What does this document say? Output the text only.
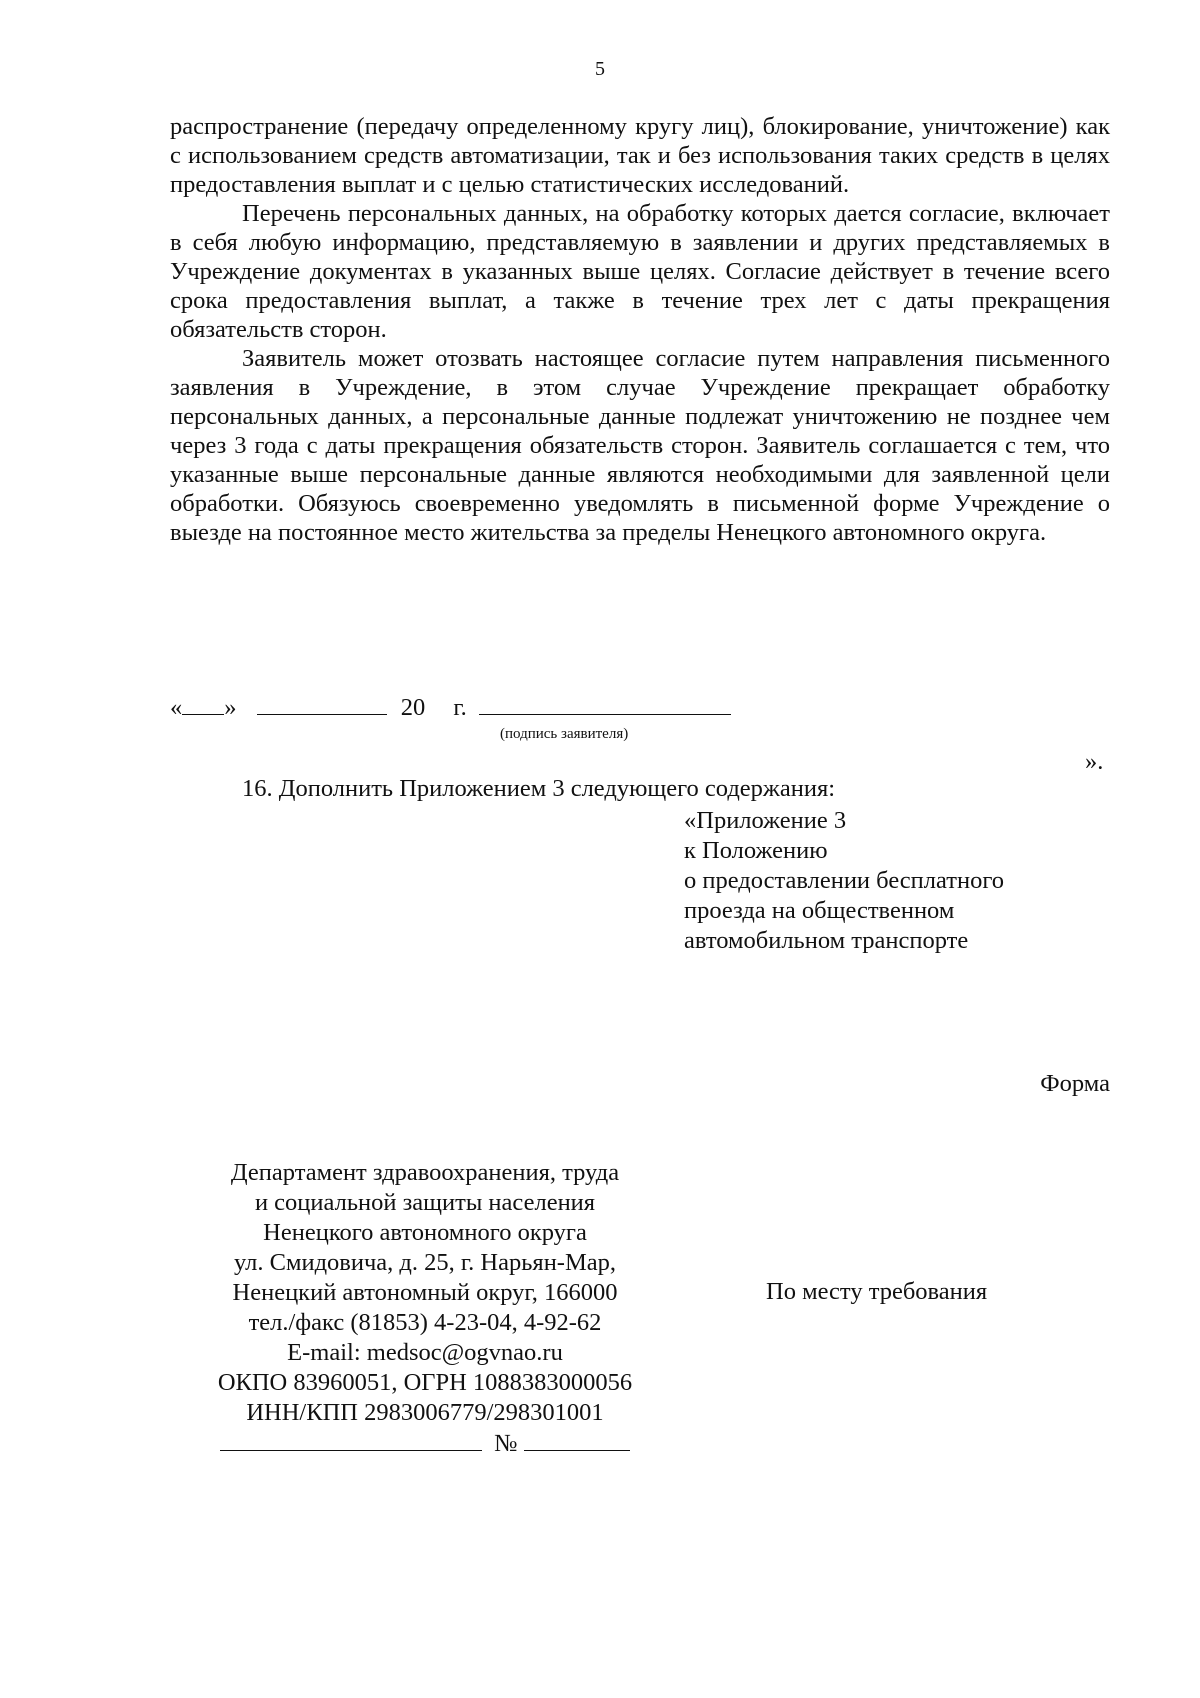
5

распространение (передачу определенному кругу лиц), блокирование, уничтожение) как с использованием средств автоматизации, так и без использования таких средств в целях предоставления выплат и с целью статистических исследований.

Перечень персональных данных, на обработку которых дается согласие, включает в себя любую информацию, представляемую в заявлении и других представляемых в Учреждение документах в указанных выше целях. Согласие действует в течение всего срока предоставления выплат, а также в течение трех лет с даты прекращения обязательств сторон.

Заявитель может отозвать настоящее согласие путем направления письменного заявления в Учреждение, в этом случае Учреждение прекращает обработку персональных данных, а персональные данные подлежат уничтожению не позднее чем через 3 года с даты прекращения обязательств сторон. Заявитель соглашается с тем, что указанные выше персональные данные являются необходимыми для заявленной цели обработки. Обязуюсь своевременно уведомлять в письменной форме Учреждение о выезде на постоянное место жительства за пределы Ненецкого автономного округа.

« »	20 г.
(подпись заявителя)
».
16. Дополнить Приложением 3 следующего содержания:
«Приложение 3
к Положению
о предоставлении бесплатного
проезда на общественном
автомобильном транспорте
Форма
Департамент здравоохранения, труда
и социальной защиты населения
Ненецкого автономного округа
ул. Смидовича, д. 25, г. Нарьян-Мар,
Ненецкий автономный округ, 166000
тел./факс (81853) 4-23-04, 4-92-62
E-mail: medsoc@ogvnao.ru
ОКПО 83960051, ОГРН 1088383000056
ИНН/КПП 2983006779/298301001
№
По месту требования
